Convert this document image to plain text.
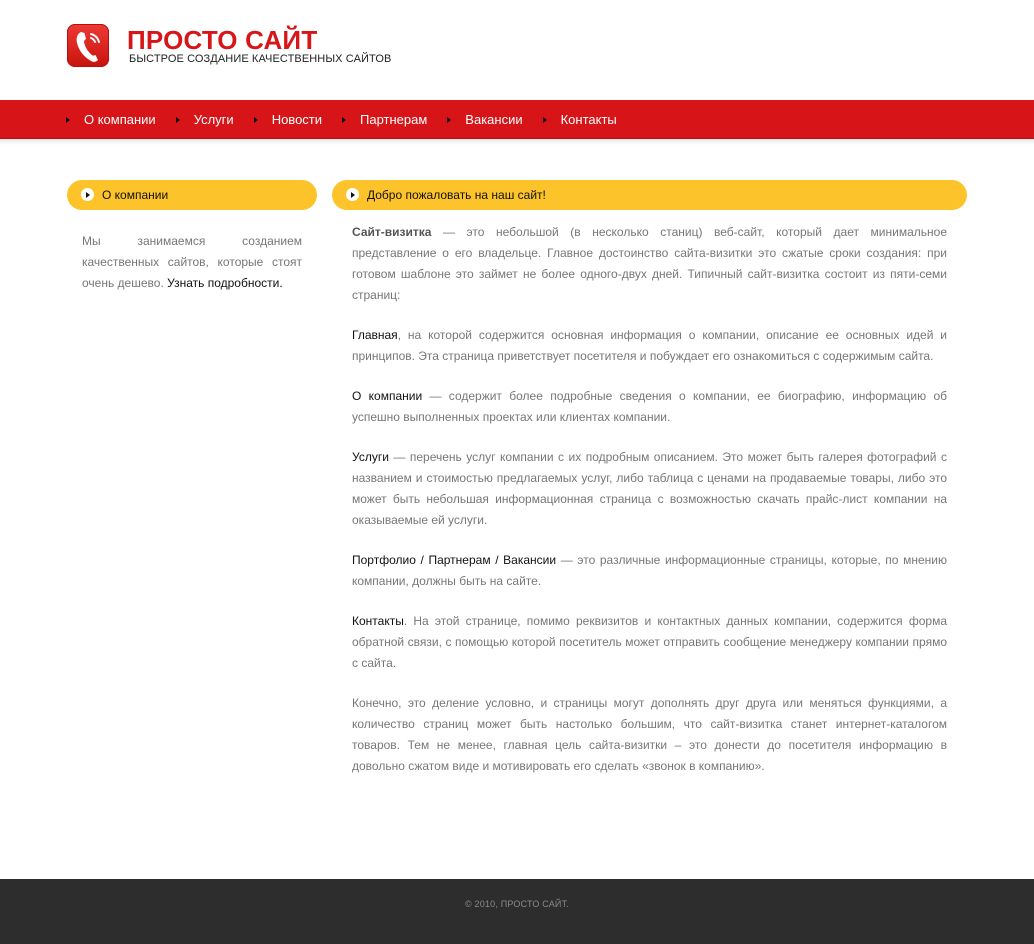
ПРОСТО САЙТ
БЫСТРОЕ СОЗДАНИЕ КАЧЕСТВЕННЫХ САЙТОВ
О компании	Услуги	Новости	Партнерам	Вакансии	Контакты
О компании
Мы занимаемся созданием качественных сайтов, которые стоят очень дешево. Узнать подробности.
Добро пожаловать на наш сайт!

Сайт-визитка — это небольшой (в несколько станиц) веб-сайт, который дает минимальное представление о его владельце. Главное достоинство сайта-визитки это сжатые сроки создания: при готовом шаблоне это займет не более одного-двух дней. Типичный сайт-визитка состоит из пяти-семи страниц:

Главная, на которой содержится основная информация о компании, описание ее основных идей и принципов. Эта страница приветствует посетителя и побуждает его ознакомиться с содержимым сайта.

О компании — содержит более подробные сведения о компании, ее биографию, информацию об успешно выполненных проектах или клиентах компании.

Услуги — перечень услуг компании с их подробным описанием. Это может быть галерея фотографий с названием и стоимостью предлагаемых услуг, либо таблица с ценами на продаваемые товары, либо это может быть небольшая информационная страница с возможностью скачать прайс-лист компании на оказываемые ей услуги.

Портфолио / Партнерам / Вакансии — это различные информационные страницы, которые, по мнению компании, должны быть на сайте.

Контакты. На этой странице, помимо реквизитов и контактных данных компании, содержится форма обратной связи, с помощью которой посетитель может отправить сообщение менеджеру компании прямо с сайта.

Конечно, это деление условно, и страницы могут дополнять друг друга или меняться функциями, а количество страниц может быть настолько большим, что сайт-визитка станет интернет-каталогом товаров. Тем не менее, главная цель сайта-визитки – это донести до посетителя информацию в довольно сжатом виде и мотивировать его сделать «звонок в компанию».

© 2010, ПРОСТО САЙТ.
